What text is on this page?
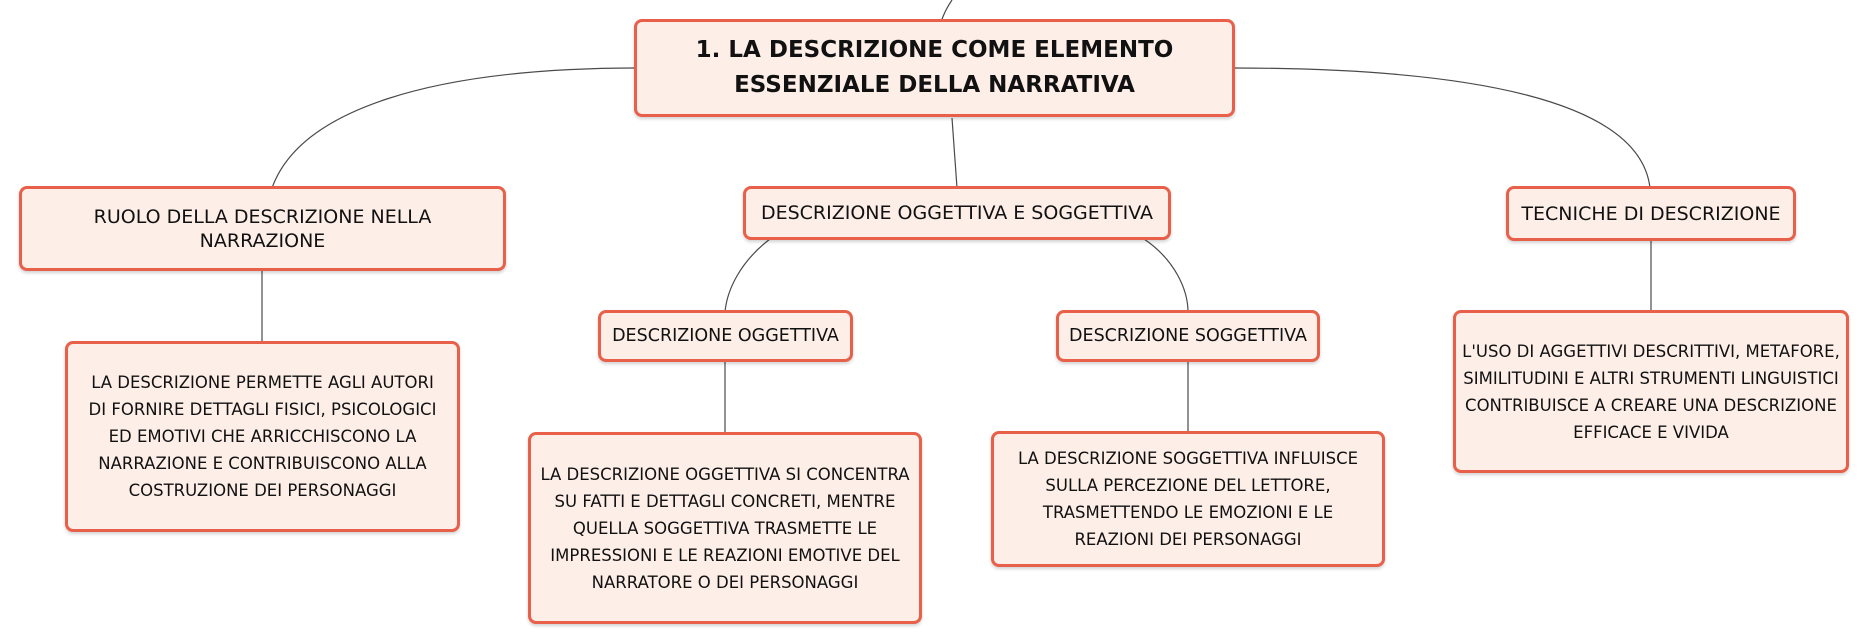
1. LA DESCRIZIONE COME ELEMENTO ESSENZIALE DELLA NARRATIVA
RUOLO DELLA DESCRIZIONE NELLA NARRAZIONE
DESCRIZIONE OGGETTIVA E SOGGETTIVA	TECNICHE DI DESCRIZIONE
LA DESCRIZIONE PERMETTE AGLI AUTORI DI FORNIRE DETTAGLI FISICI, PSICOLOGICI ED EMOTIVI CHE ARRICCHISCONO LA NARRAZIONE E CONTRIBUISCONO ALLA COSTRUZIONE DEI PERSONAGGI
DESCRIZIONE OGGETTIVA	DESCRIZIONE SOGGETTIVA
LA DESCRIZIONE OGGETTIVA SI CONCENTRA SU FATTI E DETTAGLI CONCRETI, MENTRE QUELLA SOGGETTIVA TRASMETTE LE IMPRESSIONI E LE REAZIONI EMOTIVE DEL NARRATORE O DEI PERSONAGGI
LA DESCRIZIONE SOGGETTIVA INFLUISCE SULLA PERCEZIONE DEL LETTORE, TRASMETTENDO LE EMOZIONI E LE REAZIONI DEI PERSONAGGI
L'USO DI AGGETTIVI DESCRITTIVI, METAFORE, SIMILITUDINI E ALTRI STRUMENTI LINGUISTICI CONTRIBUISCE A CREARE UNA DESCRIZIONE EFFICACE E VIVIDA
